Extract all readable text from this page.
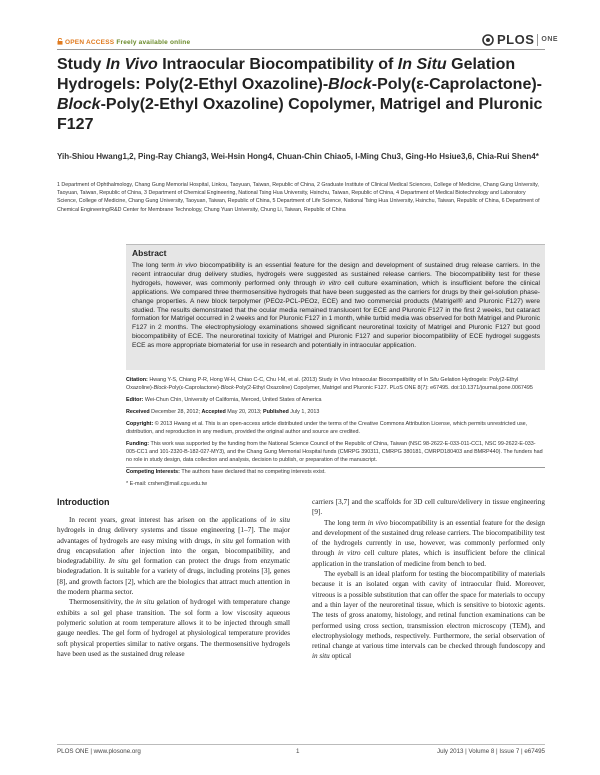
OPEN ACCESS Freely available online	PLOS ONE
Study In Vivo Intraocular Biocompatibility of In Situ Gelation Hydrogels: Poly(2-Ethyl Oxazoline)-Block-Poly(ε-Caprolactone)-Block-Poly(2-Ethyl Oxazoline) Copolymer, Matrigel and Pluronic F127
Yih-Shiou Hwang1,2, Ping-Ray Chiang3, Wei-Hsin Hong4, Chuan-Chin Chiao5, I-Ming Chu3, Ging-Ho Hsiue3,6, Chia-Rui Shen4*
1 Department of Ophthalmology, Chang Gung Memorial Hospital, Linkou, Taoyuan, Taiwan, Republic of China, 2 Graduate Institute of Clinical Medical Sciences, College of Medicine, Chang Gung University, Taoyuan, Taiwan, Republic of China, 3 Department of Chemical Engineering, National Tsing Hua University, Hsinchu, Taiwan, Republic of China, 4 Department of Medical Biotechnology and Laboratory Science, College of Medicine, Chang Gung University, Taoyuan, Taiwan, Republic of China, 5 Department of Life Science, National Tsing Hua University, Hsinchu, Taiwan, Republic of China, 6 Department of Chemical Engineering/R&D Center for Membrane Technology, Chung Yuan University, Chung Li, Taiwan, Republic of China
Abstract
The long term in vivo biocompatibility is an essential feature for the design and development of sustained drug release carriers. In the recent intraocular drug delivery studies, hydrogels were suggested as sustained release carriers. The biocompatibility test for these hydrogels, however, was commonly performed only through in vitro cell culture examination, which is insufficient before the clinical applications. We compared three thermosensitive hydrogels that have been suggested as the carriers for drugs by their gel-solution phase-change properties. A new block terpolymer (PEOz-PCL-PEOz, ECE) and two commercial products (Matrigel® and Pluronic F127) were studied. The results demonstrated that the ocular media remained translucent for ECE and Pluronic F127 in the first 2 weeks, but cataract formation for Matrigel occurred in 2 weeks and for Pluronic F127 in 1 month, while turbid media was observed for both Matrigel and Pluronic F127 in 2 months. The electrophysiology examinations showed significant neuroretinal toxicity of Matrigel and Pluronic F127 but good biocompatibility of ECE. The neuroretinal toxicity of Matrigel and Pluronic F127 and superior biocompatibility of ECE hydrogel suggests ECE as more appropriate biomaterial for use in research and potentially in intraocular application.

Citation: Hwang Y-S, Chiang P-R, Hong W-H, Chiao C-C, Chu I-M, et al. (2013) Study In Vivo Intraocular Biocompatibility of In Situ Gelation Hydrogels: Poly(2-Ethyl Oxazoline)-Block-Poly(ε-Caprolactone)-Block-Poly(2-Ethyl Oxazoline) Copolymer, Matrigel and Pluronic F127. PLoS ONE 8(7): e67495. doi:10.1371/journal.pone.0067495

Editor: Wei-Chun Chin, University of California, Merced, United States of America

Received December 28, 2012; Accepted May 20, 2013; Published July 1, 2013

Copyright: © 2013 Hwang et al. This is an open-access article distributed under the terms of the Creative Commons Attribution License, which permits unrestricted use, distribution, and reproduction in any medium, provided the original author and source are credited.

Funding: This work was supported by the funding from the National Science Council of the Republic of China, Taiwan (NSC 98-2622-E-033-011-CC1, NSC 99-2622-E-033-005-CC1 and 101-2320-B-182-027-MY3), and the Chang Gung Memorial Hospital funds (CMRPG 390311, CMRPG 380181, CMRPD180403 and BMRP440). The funders had no role in study design, data collection and analysis, decision to publish, or preparation of the manuscript.

Competing Interests: The authors have declared that no competing interests exist.

* E-mail: crshen@mail.cgu.edu.tw

Introduction

In recent years, great interest has arisen on the applications of in situ hydrogels in drug delivery systems and tissue engineering [1–7]. The major advantages of hydrogels are easy mixing with drugs, in situ gel formation with drug encapsulation after injection into the organ, biocompatibility, and biodegradability. In situ gel formation can protect the drugs from enzymatic biodegradation. It is suitable for a variety of drugs, including proteins [3], genes [8], and growth factors [2], which are the biologics that attract much attention in the modern pharma sector.

Thermosensitivity, the in situ gelation of hydrogel with temperature change exhibits a sol gel phase transition. The sol form a low viscosity aqueous polymeric solution at room temperature allows it to be injected through small gauge needles. The gel form of hydrogel at physiological temperature provides soft physical properties similar to native organs. The thermosensitive hydrogels have been used as the sustained drug release

carriers [3,7] and the scaffolds for 3D cell culture/delivery in tissue engineering [9].

The long term in vivo biocompatibility is an essential feature for the design and development of the sustained drug release carriers. The biocompatibility test of the hydrogels currently in use, however, was commonly performed only through in vitro cell culture plates, which is insufficient before the clinical application in the translation of medicine from bench to bed.

The eyeball is an ideal platform for testing the biocompatibility of materials because it is an isolated organ with cavity of intraocular fluid. Moreover, vitreous is a possible substitution that can offer the space for materials to occupy and a thin layer of the neuroretinal tissue, which is sensitive to biotoxic agents. The tests of gross anatomy, histology, and retinal function examinations can be performed using cross section, transmission electron microscopy (TEM), and electrophysiology methods, respectively. Furthermore, the serial observation of retinal change at various time intervals can be checked through fundoscopy and in situ optical

PLOS ONE | www.plosone.org	1	July 2013 | Volume 8 | Issue 7 | e67495
